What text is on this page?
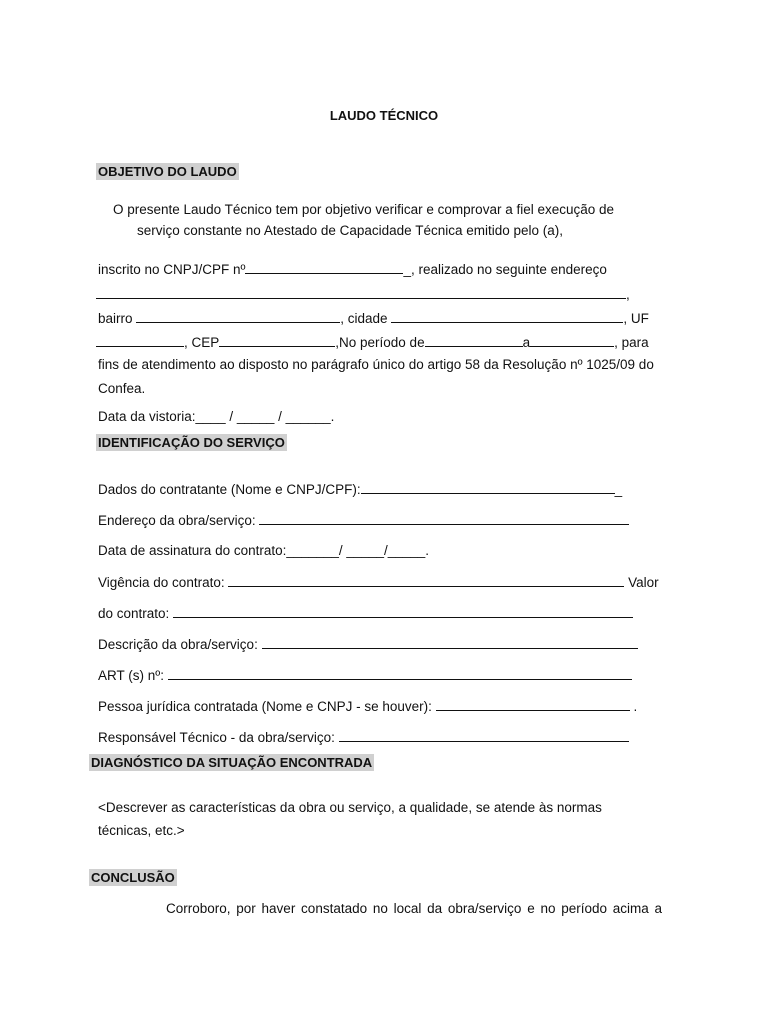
LAUDO TÉCNICO
OBJETIVO DO LAUDO
O presente Laudo Técnico tem por objetivo verificar e comprovar a fiel execução de
serviço constante no Atestado de Capacidade Técnica emitido pelo (a),
inscrito no CNPJ/CPF nº	_, realizado no seguinte endereço
,
bairro	, cidade	, UF
, CEP	,No período de	a	, para
fins de atendimento ao disposto no parágrafo único do artigo 58 da Resolução nº 1025/09 do
Confea.
Data da vistoria:____ / _____ / ______.
IDENTIFICAÇÃO DO SERVIÇO
Dados do contratante (Nome e CNPJ/CPF):	_
Endereço da obra/serviço:
Data de assinatura do contrato:_______/ _____/_____.
Vigência do contrato:	Valor
do contrato:
Descrição da obra/serviço:
ART (s) nº:
Pessoa jurídica contratada (Nome e CNPJ - se houver):	.
Responsável Técnico - da obra/serviço:
DIAGNÓSTICO DA SITUAÇÃO ENCONTRADA
<Descrever as características da obra ou serviço, a qualidade, se atende às normas
técnicas, etc.>
CONCLUSÃO
Corroboro, por haver constatado no local da obra/serviço e no período acima a
